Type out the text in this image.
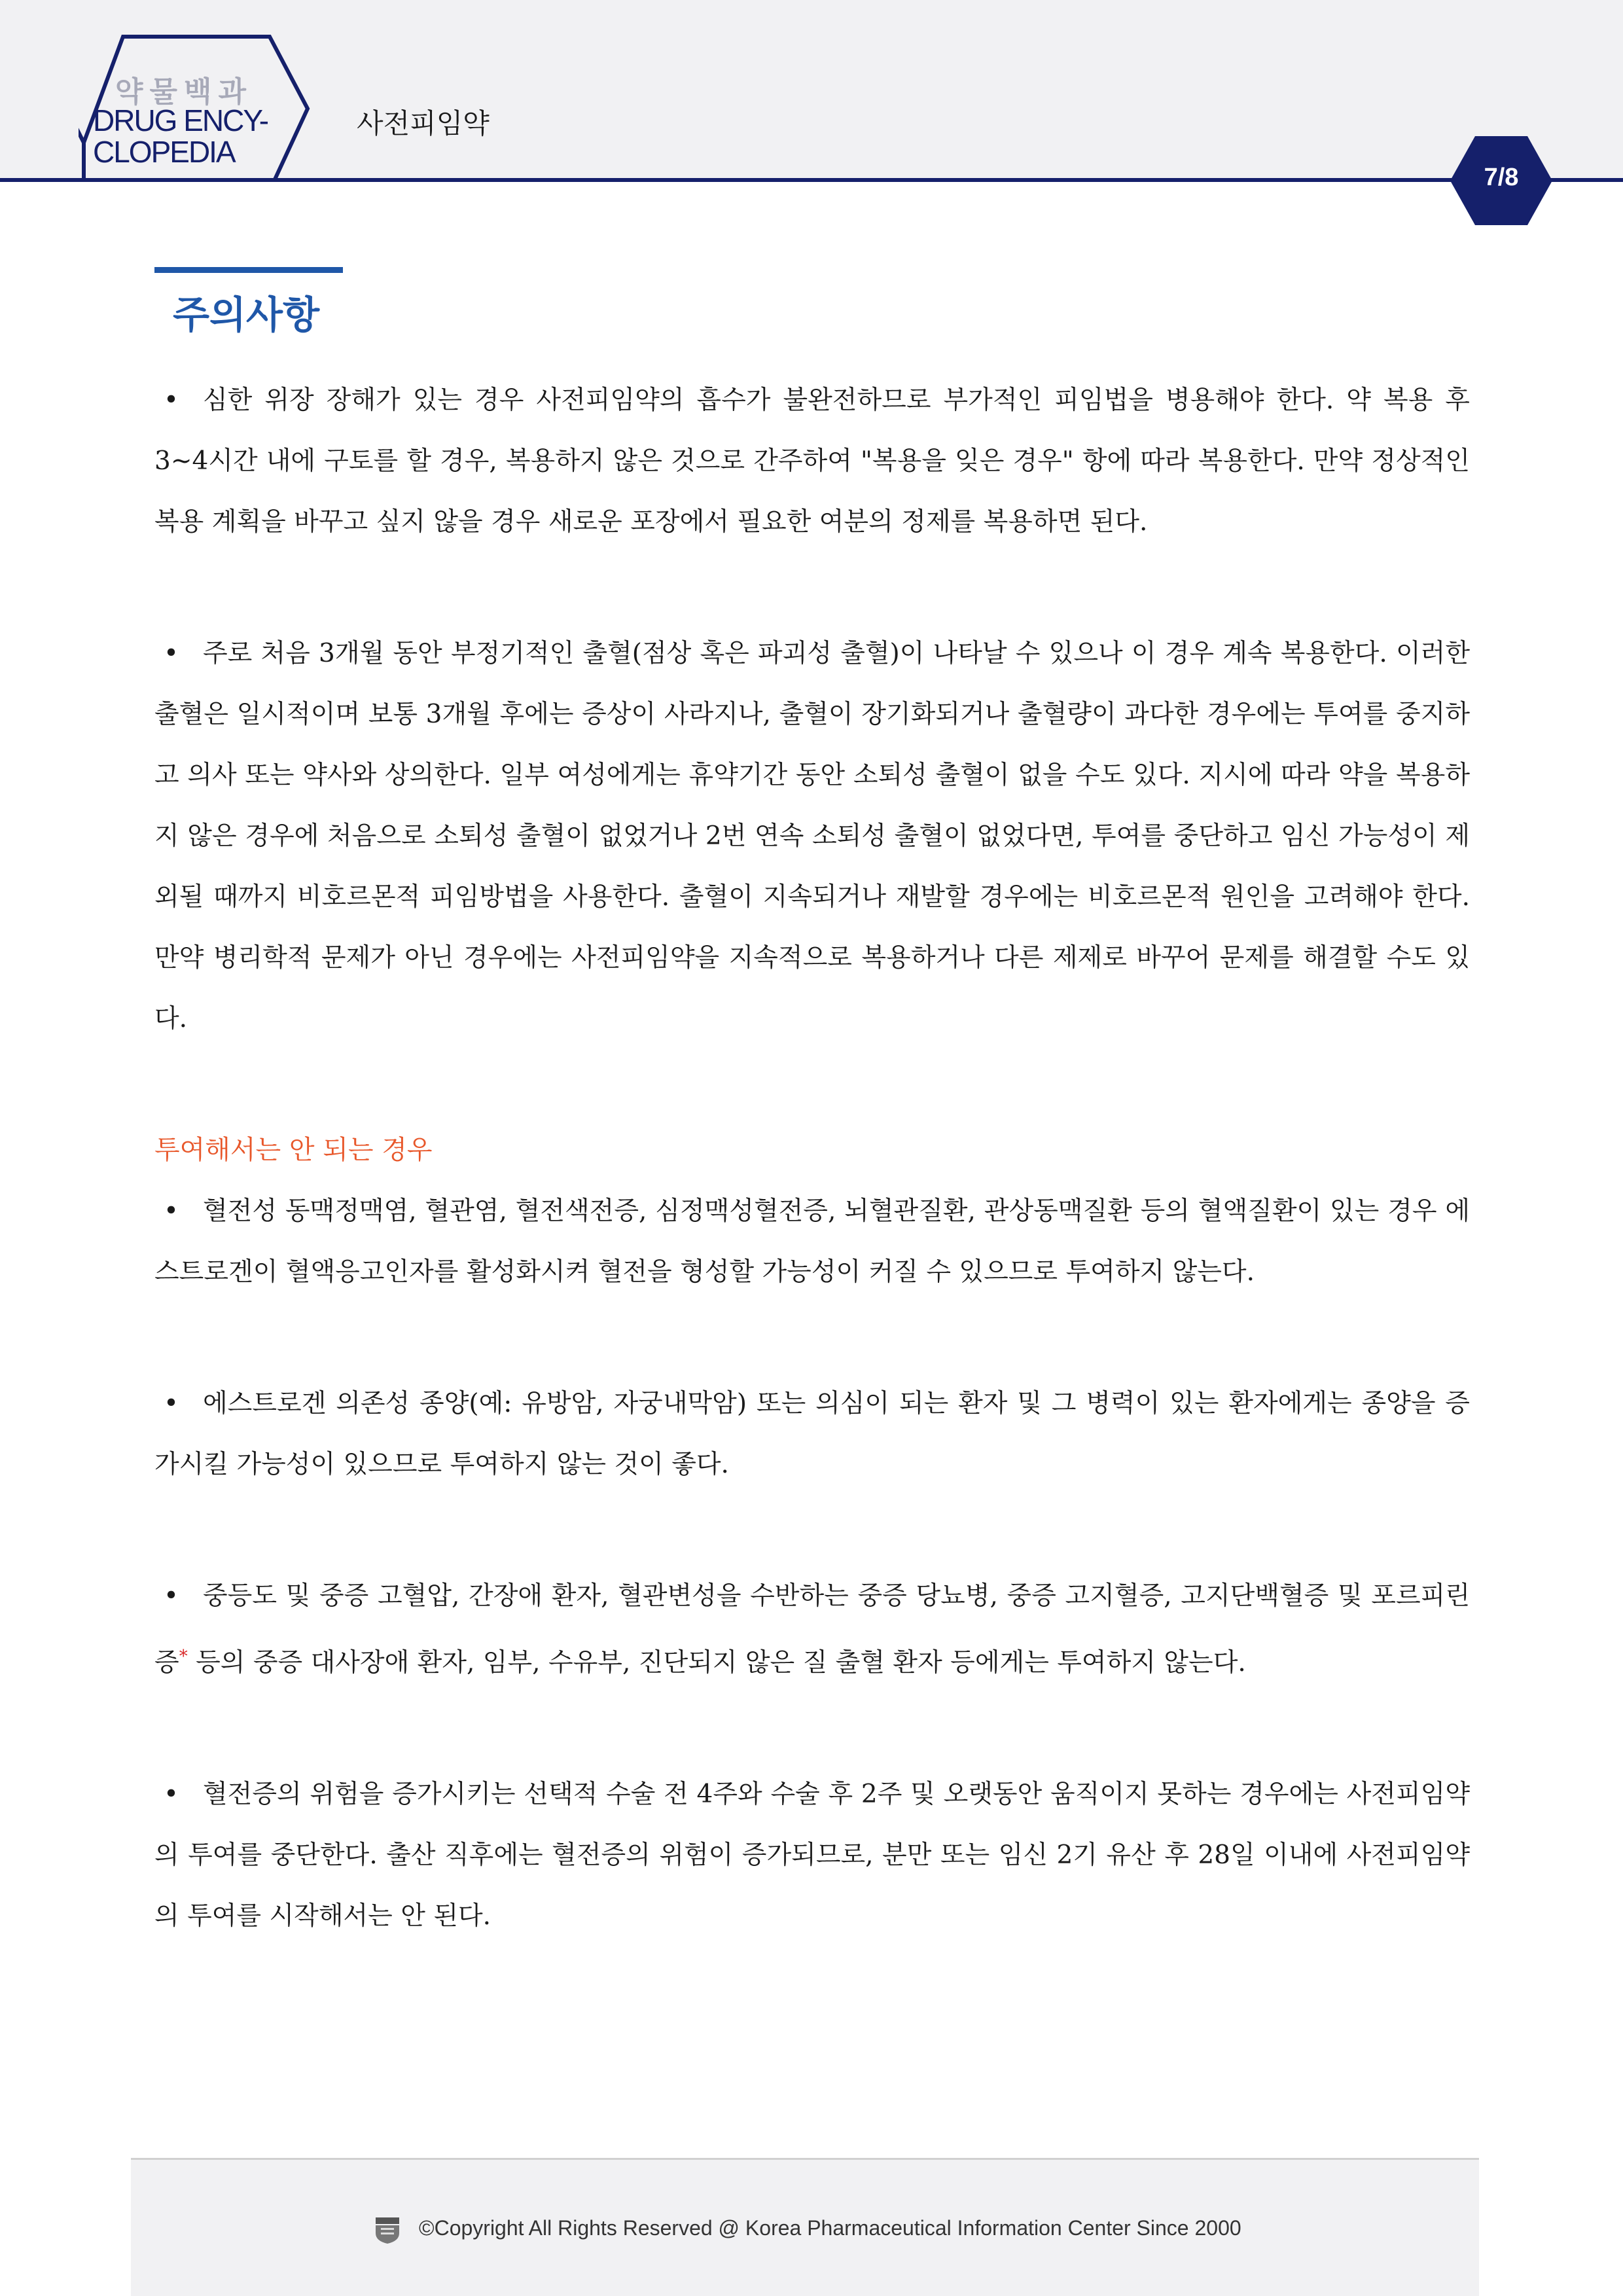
약물백과
DRUG ENCY-
CLOPEDIA
사전피임약
7/8
주의사항

• 심한 위장 장해가 있는 경우 사전피임약의 흡수가 불완전하므로 부가적인 피임법을 병용해야 한다. 약 복용 후 3~4시간 내에 구토를 할 경우, 복용하지 않은 것으로 간주하여 "복용을 잊은 경우" 항에 따라 복용한다. 만약 정상적인 복용 계획을 바꾸고 싶지 않을 경우 새로운 포장에서 필요한 여분의 정제를 복용하면 된다.

• 주로 처음 3개월 동안 부정기적인 출혈(점상 혹은 파괴성 출혈)이 나타날 수 있으나 이 경우 계속 복용한다. 이러한 출혈은 일시적이며 보통 3개월 후에는 증상이 사라지나, 출혈이 장기화되거나 출혈량이 과다한 경우에는 투여를 중지하고 의사 또는 약사와 상의한다. 일부 여성에게는 휴약기간 동안 소퇴성 출혈이 없을 수도 있다. 지시에 따라 약을 복용하지 않은 경우에 처음으로 소퇴성 출혈이 없었거나 2번 연속 소퇴성 출혈이 없었다면, 투여를 중단하고 임신 가능성이 제외될 때까지 비호르몬적 피임방법을 사용한다. 출혈이 지속되거나 재발할 경우에는 비호르몬적 원인을 고려해야 한다. 만약 병리학적 문제가 아닌 경우에는 사전피임약을 지속적으로 복용하거나 다른 제제로 바꾸어 문제를 해결할 수도 있다.

투여해서는 안 되는 경우

• 혈전성 동맥정맥염, 혈관염, 혈전색전증, 심정맥성혈전증, 뇌혈관질환, 관상동맥질환 등의 혈액질환이 있는 경우 에스트로겐이 혈액응고인자를 활성화시켜 혈전을 형성할 가능성이 커질 수 있으므로 투여하지 않는다.

• 에스트로겐 의존성 종양(예: 유방암, 자궁내막암) 또는 의심이 되는 환자 및 그 병력이 있는 환자에게는 종양을 증가시킬 가능성이 있으므로 투여하지 않는 것이 좋다.

• 중등도 및 중증 고혈압, 간장애 환자, 혈관변성을 수반하는 중증 당뇨병, 중증 고지혈증, 고지단백혈증 및 포르피린증* 등의 중증 대사장애 환자, 임부, 수유부, 진단되지 않은 질 출혈 환자 등에게는 투여하지 않는다.

• 혈전증의 위험을 증가시키는 선택적 수술 전 4주와 수술 후 2주 및 오랫동안 움직이지 못하는 경우에는 사전피임약의 투여를 중단한다. 출산 직후에는 혈전증의 위험이 증가되므로, 분만 또는 임신 2기 유산 후 28일 이내에 사전피임약의 투여를 시작해서는 안 된다.

©Copyright All Rights Reserved @ Korea Pharmaceutical Information Center Since 2000
